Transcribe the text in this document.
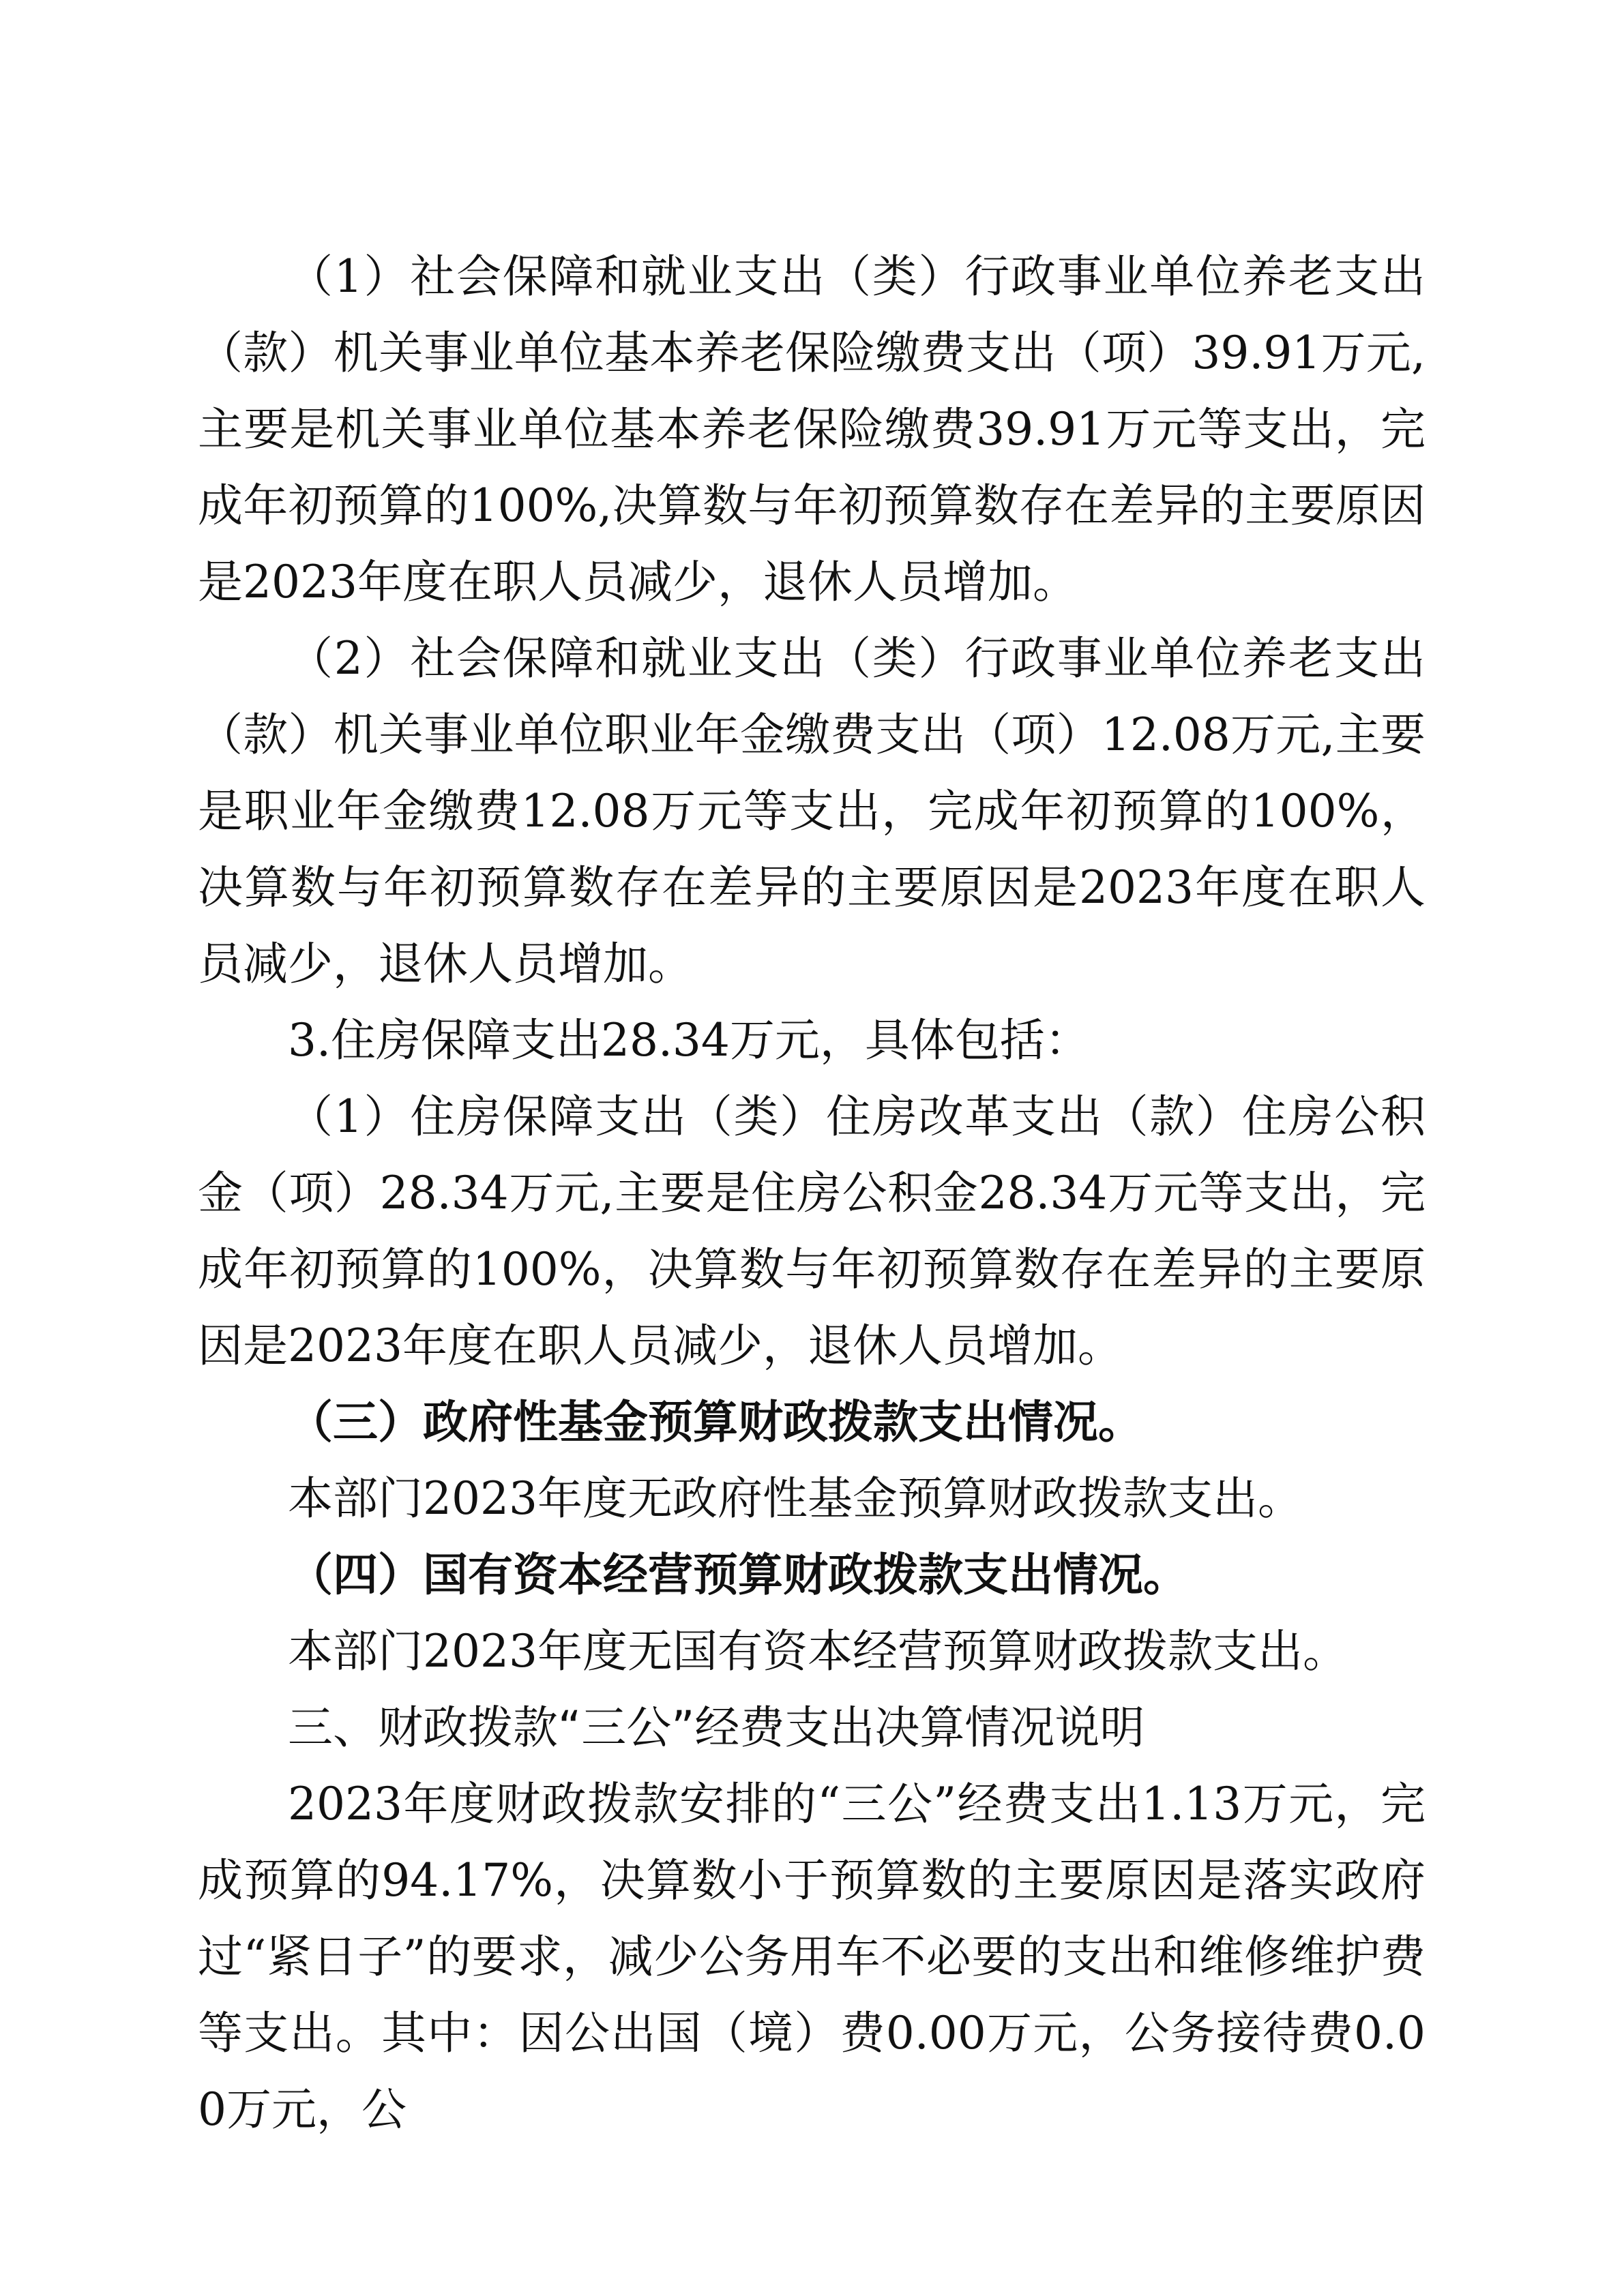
（1）社会保障和就业支出（类）行政事业单位养老支出（款）机关事业单位基本养老保险缴费支出（项）39.91万元,主要是机关事业单位基本养老保险缴费39.91万元等支出，完成年初预算的100%,决算数与年初预算数存在差异的主要原因是2023年度在职人员减少，退休人员增加。

（2）社会保障和就业支出（类）行政事业单位养老支出（款）机关事业单位职业年金缴费支出（项）12.08万元,主要是职业年金缴费12.08万元等支出，完成年初预算的100%，决算数与年初预算数存在差异的主要原因是2023年度在职人员减少，退休人员增加。

3.住房保障支出28.34万元，具体包括：

（1）住房保障支出（类）住房改革支出（款）住房公积金（项）28.34万元,主要是住房公积金28.34万元等支出，完成年初预算的100%，决算数与年初预算数存在差异的主要原因是2023年度在职人员减少，退休人员增加。

（三）政府性基金预算财政拨款支出情况。

本部门2023年度无政府性基金预算财政拨款支出。

（四）国有资本经营预算财政拨款支出情况。

本部门2023年度无国有资本经营预算财政拨款支出。

三、财政拨款“三公”经费支出决算情况说明

2023年度财政拨款安排的“三公”经费支出1.13万元，完成预算的94.17%，决算数小于预算数的主要原因是落实政府过“紧日子”的要求，减少公务用车不必要的支出和维修维护费等支出。其中：因公出国（境）费0.00万元，公务接待费0.00万元，公
